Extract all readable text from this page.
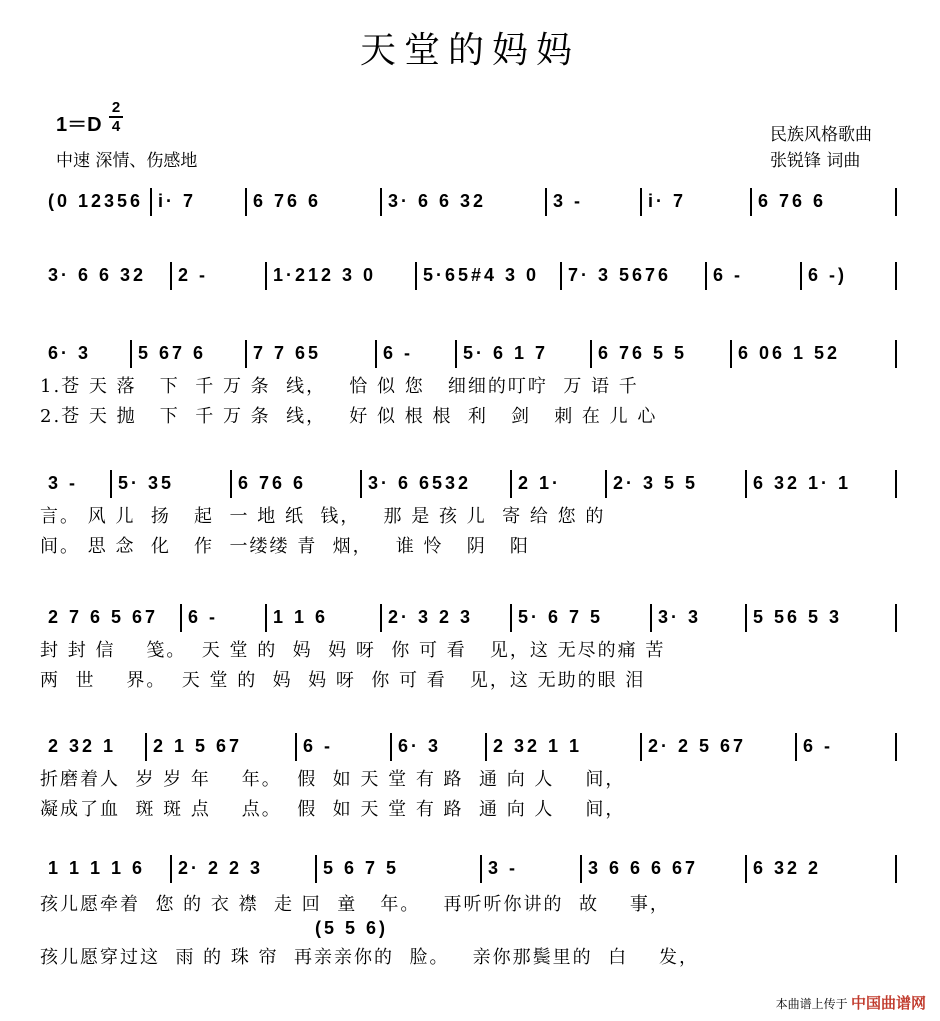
天堂的妈妈
1＝D
2
4
中速 深情、伤感地
民族风格歌曲
张锐锋 词曲
(0 12356 i· 7	6 76 6	3· 6 6 32	3 -	i· 7	6 76 6
3· 6 6 32 2 -	1·212 3 0	5·65#4 3 0 7· 3 5676 6 -	6 -)
6· 3	5 67 6	7 7 65	6 -	5· 6 1 7	6 76 5 5	6 06 1 52
3 - 5· 35	6 76 6	3· 6 6532	2 1·	2· 3 5 5	6 32 1· 1
2 7 6 5 67 6 -	1 1 6	2· 3 2 3 5· 6 7 5	3· 3	5 56 5 3
2 32 1 2 1 5 67	6 -	6· 3	2 32 1 1	2· 2 5 67	6 -
1 1 1 1 6 2· 2 2 3	5 6 7 5	3 -	3 6 6 6 67	6 32 2
1.苍 天 落   下  千 万 条  线，   恰 似 您   细细的叮咛  万 语 千
2.苍 天 抛   下  千 万 条  线，   好 似 根 根  利   剑   刺 在 儿 心
言。 风 儿  扬   起  一 地 纸  钱，   那 是 孩 儿  寄 给 您 的
间。 思 念  化   作  一缕缕 青  烟，   谁 怜   阴   阳
封 封 信    笺。  天 堂 的  妈  妈 呀  你 可 看   见，这 无尽的痛 苦
两  世    界。  天 堂 的  妈  妈 呀  你 可 看   见，这 无助的眼 泪
折磨着人  岁 岁 年    年。  假  如 天 堂 有 路  通 向 人    间，
凝成了血  斑 斑 点    点。  假  如 天 堂 有 路  通 向 人    间，
孩儿愿牵着  您 的 衣 襟  走 回  童   年。   再听听你讲的  故    事，
孩儿愿穿过这  雨 的 珠 帘  再亲亲你的  脸。   亲你那鬓里的  白    发，
(5 5 6)
本曲谱上传于 中国曲谱网
